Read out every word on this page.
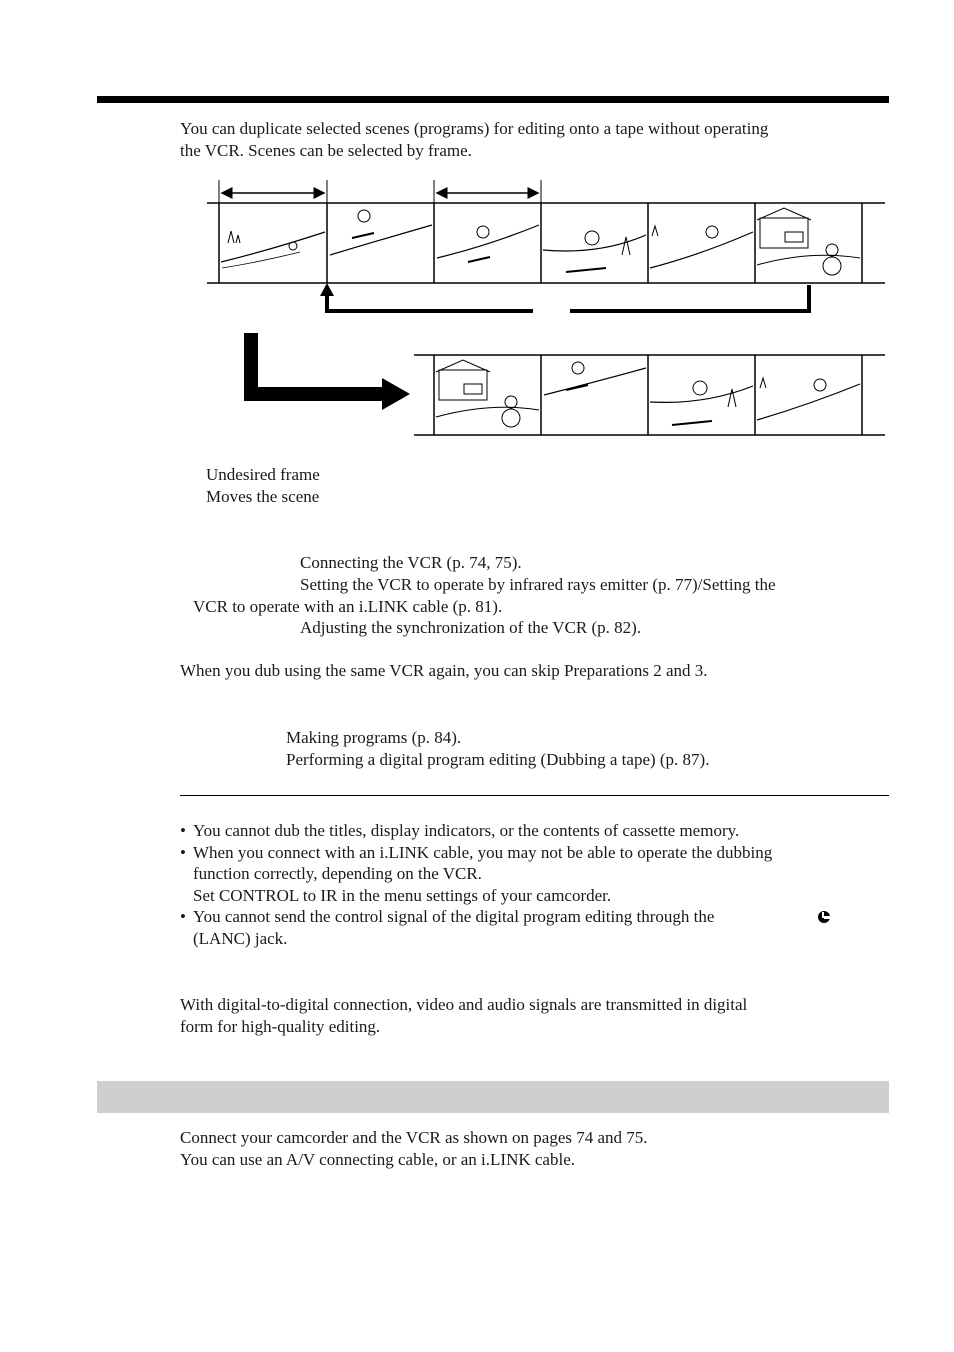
You can duplicate selected scenes (programs) for editing onto a tape without operating
the VCR. Scenes can be selected by frame.
Undesired frame
Moves the scene
Connecting the VCR (p. 74, 75).
Setting the VCR to operate by infrared rays emitter (p. 77)/Setting the
VCR to operate with an i.LINK cable (p. 81).
Adjusting the synchronization of the VCR (p. 82).
When you dub using the same VCR again, you can skip Preparations 2 and 3.
Making programs (p. 84).
Performing a digital program editing (Dubbing a tape) (p. 87).
• You cannot dub the titles, display indicators, or the contents of cassette memory.
• When you connect with an i.LINK cable, you may not be able to operate the dubbing
function correctly, depending on the VCR.
Set CONTROL to IR in the menu settings of your camcorder.
• You cannot send the control signal of the digital program editing through the
(LANC) jack.
With digital-to-digital connection, video and audio signals are transmitted in digital
form for high-quality editing.
Connect your camcorder and the VCR as shown on pages 74 and 75.
You can use an A/V connecting cable, or an i.LINK cable.
